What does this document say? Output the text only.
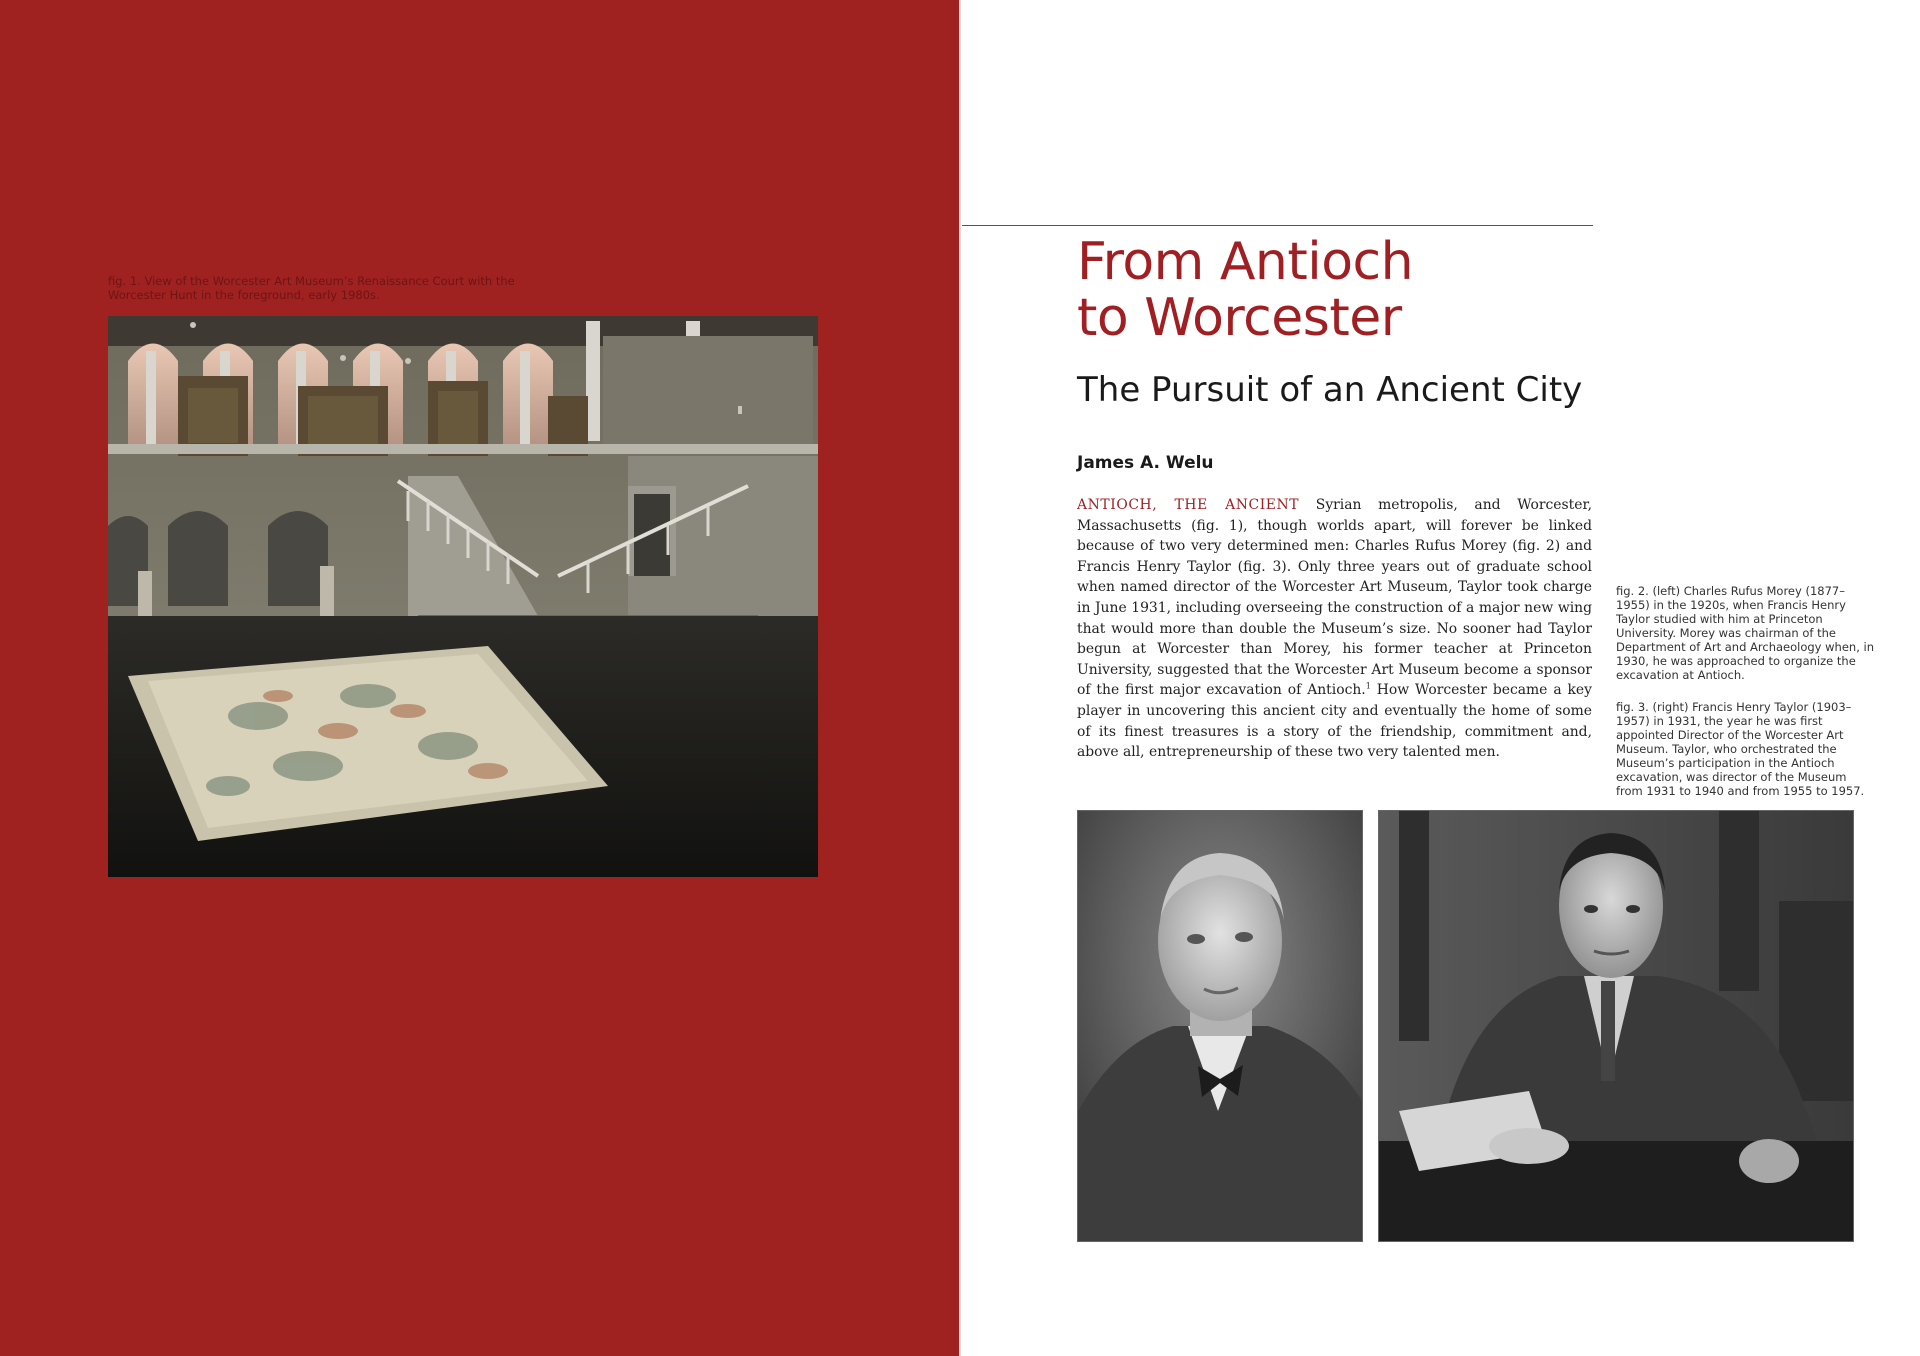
fig. 1. View of the Worcester Art Museum’s Renaissance Court with the Worcester Hunt in the foreground, early 1980s.
From Antioch
to Worcester
The Pursuit of an Ancient City
James A. Welu

ANTIOCH, THE ANCIENT Syrian metropolis, and Worcester, Massachusetts (fig. 1), though worlds apart, will forever be linked because of two very determined men: Charles Rufus Morey (fig. 2) and Francis Henry Taylor (fig. 3). Only three years out of graduate school when named director of the Worcester Art Museum, Taylor took charge in June 1931, including overseeing the construction of a major new wing that would more than double the Museum’s size. No sooner had Taylor begun at Worcester than Morey, his former teacher at Princeton University, suggested that the Worcester Art Museum become a sponsor of the first major excavation of Antioch.$^1$ How Worcester became a key player in uncovering this ancient city and eventually the home of some of its finest treasures is a story of the friendship, commitment and, above all, entrepreneurship of these two very talented men.

fig. 2. (left) Charles Rufus Morey (1877–1955) in the 1920s, when Francis Henry Taylor studied with him at Princeton University. Morey was chairman of the Department of Art and Archaeology when, in 1930, he was approached to organize the excavation at Antioch.
fig. 3. (right) Francis Henry Taylor (1903–1957) in 1931, the year he was first appointed Director of the Worcester Art Museum. Taylor, who orchestrated the Museum’s participation in the Antioch excavation, was director of the Museum from 1931 to 1940 and from 1955 to 1957.
